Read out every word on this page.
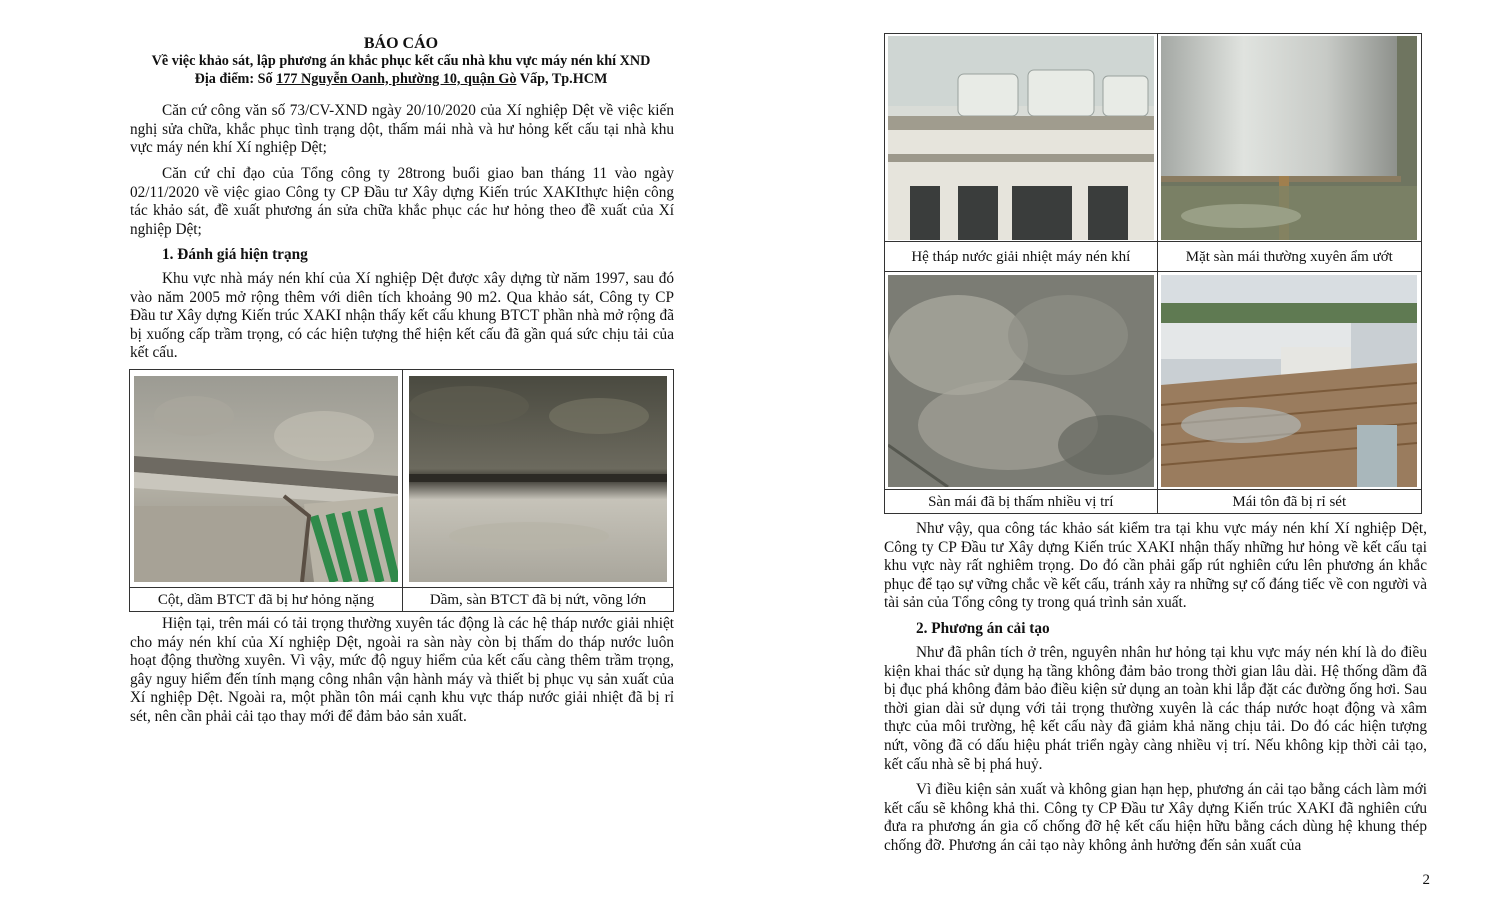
BÁO CÁO
Về việc khảo sát, lập phương án khắc phục kết cấu nhà khu vực máy nén khí XND
Địa điểm: Số 177 Nguyễn Oanh, phường 10, quận Gò Vấp, Tp.HCM

Căn cứ công văn số 73/CV-XND ngày 20/10/2020 của Xí nghiệp Dệt về việc kiến nghị sửa chữa, khắc phục tình trạng dột, thấm mái nhà và hư hỏng kết cấu tại nhà khu vực máy nén khí Xí nghiệp Dệt;

Căn cứ chỉ đạo của Tổng công ty 28trong buổi giao ban tháng 11 vào ngày 02/11/2020 về việc giao Công ty CP Đầu tư Xây dựng Kiến trúc XAKIthực hiện công tác khảo sát, đề xuất phương án sửa chữa khắc phục các hư hỏng theo đề xuất của Xí nghiệp Dệt;

1. Đánh giá hiện trạng

Khu vực nhà máy nén khí của Xí nghiệp Dệt được xây dựng từ năm 1997, sau đó vào năm 2005 mở rộng thêm với diên tích khoảng 90 m2. Qua khảo sát, Công ty CP Đầu tư Xây dựng Kiến trúc XAKI nhận thấy kết cấu khung BTCT phần nhà mở rộng đã bị xuống cấp trầm trọng, có các hiện tượng thể hiện kết cấu đã gần quá sức chịu tải của kết cấu.

Cột, dầm BTCT đã bị hư hỏng nặng	Dầm, sàn BTCT đã bị nứt, võng lớn

Hiện tại, trên mái có tải trọng thường xuyên tác động là các hệ tháp nước giải nhiệt cho máy nén khí của Xí nghiệp Dệt, ngoài ra sàn này còn bị thấm do tháp nước luôn hoạt động thường xuyên. Vì vậy, mức độ nguy hiểm của kết cấu càng thêm trầm trọng, gây nguy hiểm đến tính mạng công nhân vận hành máy và thiết bị phục vụ sản xuất của Xí nghiệp Dệt. Ngoài ra, một phần tôn mái cạnh khu vực tháp nước giải nhiệt đã bị rỉ sét, nên cần phải cải tạo thay mới để đảm bảo sản xuất.

Hệ tháp nước giải nhiệt máy nén khí	Mặt sàn mái thường xuyên ẩm ướt

Sàn mái đã bị thấm nhiều vị trí	Mái tôn đã bị rỉ sét

Như vậy, qua công tác khảo sát kiểm tra tại khu vực máy nén khí Xí nghiệp Dệt, Công ty CP Đầu tư Xây dựng Kiến trúc XAKI nhận thấy những hư hỏng về kết cấu tại khu vực này rất nghiêm trọng. Do đó cần phải gấp rút nghiên cứu lên phương án khắc phục để tạo sự vững chắc về kết cấu, tránh xảy ra những sự cố đáng tiếc về con người và tài sản của Tổng công ty trong quá trình sản xuất.

2. Phương án cải tạo

Như đã phân tích ở trên, nguyên nhân hư hỏng tại khu vực máy nén khí là do điều kiện khai thác sử dụng hạ tầng không đảm bảo trong thời gian lâu dài. Hệ thống dầm đã bị đục phá không đảm bảo điều kiện sử dụng an toàn khi lắp đặt các đường ống hơi. Sau thời gian dài sử dụng với tải trọng thường xuyên là các tháp nước hoạt động và xâm thực của môi trường, hệ kết cấu này đã giảm khả năng chịu tải. Do đó các hiện tượng nứt, võng đã có dấu hiệu phát triển ngày càng nhiều vị trí. Nếu không kịp thời cải tạo, kết cấu nhà sẽ bị phá huỷ.

Vì điều kiện sản xuất và không gian hạn hẹp, phương án cải tạo bằng cách làm mới kết cấu sẽ không khả thi. Công ty CP Đầu tư Xây dựng Kiến trúc XAKI đã nghiên cứu đưa ra phương án gia cố chống đỡ hệ kết cấu hiện hữu bằng cách dùng hệ khung thép chống đỡ. Phương án cải tạo này không ảnh hưởng đến sản xuất của

2
